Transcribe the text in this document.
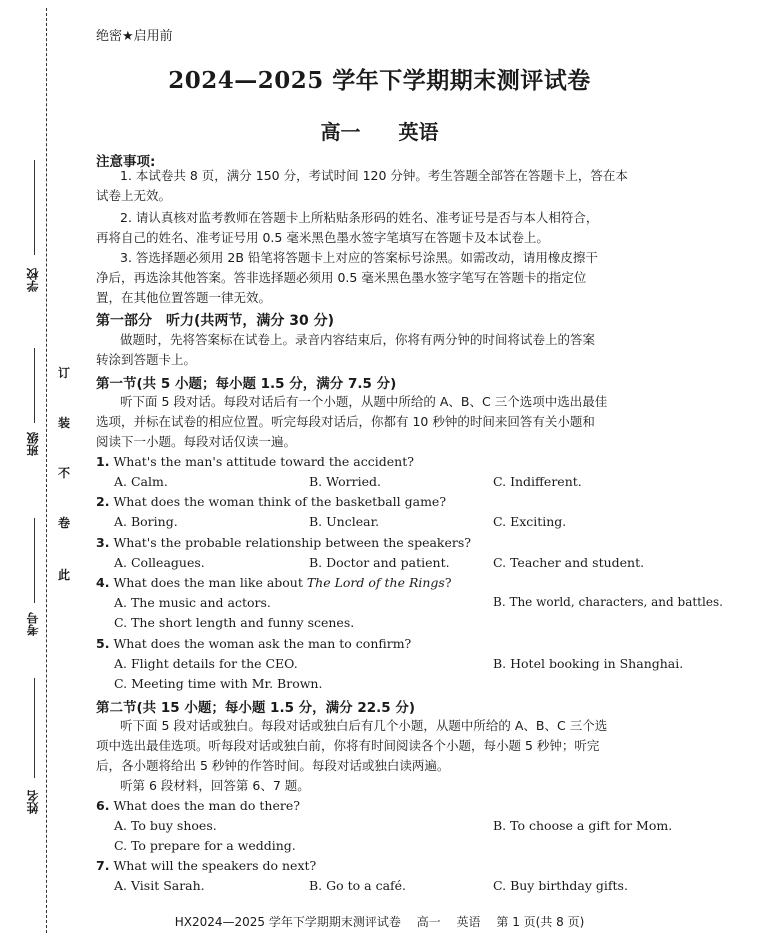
学校
班级
考号
姓名
订
装
不
卷
此
绝密★启用前
2024—2025 学年下学期期末测评试卷
高一 英语
注意事项:
1. 本试卷共 8 页，满分 150 分，考试时间 120 分钟。考生答题全部答在答题卡上，答在本
试卷上无效。
2. 请认真核对监考教师在答题卡上所粘贴条形码的姓名、准考证号是否与本人相符合，
再将自己的姓名、准考证号用 0.5 毫米黑色墨水签字笔填写在答题卡及本试卷上。
3. 答选择题必须用 2B 铅笔将答题卡上对应的答案标号涂黑。如需改动，请用橡皮擦干
净后，再选涂其他答案。答非选择题必须用 0.5 毫米黑色墨水签字笔写在答题卡的指定位
置，在其他位置答题一律无效。
第一部分　听力(共两节，满分 30 分)
做题时，先将答案标在试卷上。录音内容结束后，你将有两分钟的时间将试卷上的答案
转涂到答题卡上。
第一节(共 5 小题；每小题 1.5 分，满分 7.5 分)
听下面 5 段对话。每段对话后有一个小题，从题中所给的 A、B、C 三个选项中选出最佳
选项，并标在试卷的相应位置。听完每段对话后，你都有 10 秒钟的时间来回答有关小题和
阅读下一小题。每段对话仅读一遍。
1. What's the man's attitude toward the accident?
A. Calm.	B. Worried.	C. Indifferent.
2. What does the woman think of the basketball game?
A. Boring.	B. Unclear.	C. Exciting.
3. What's the probable relationship between the speakers?
A. Colleagues.	B. Doctor and patient.	C. Teacher and student.
4. What does the man like about The Lord of the Rings?
A. The music and actors.	B. The world, characters, and battles.
C. The short length and funny scenes.
5. What does the woman ask the man to confirm?
A. Flight details for the CEO.	B. Hotel booking in Shanghai.
C. Meeting time with Mr. Brown.
第二节(共 15 小题；每小题 1.5 分，满分 22.5 分)
听下面 5 段对话或独白。每段对话或独白后有几个小题，从题中所给的 A、B、C 三个选
项中选出最佳选项。听每段对话或独白前，你将有时间阅读各个小题，每小题 5 秒钟；听完
后，各小题将给出 5 秒钟的作答时间。每段对话或独白读两遍。
听第 6 段材料，回答第 6、7 题。
6. What does the man do there?
A. To buy shoes.	B. To choose a gift for Mom.
C. To prepare for a wedding.
7. What will the speakers do next?
A. Visit Sarah.	B. Go to a café.	C. Buy birthday gifts.
HX2024—2025 学年下学期期末测评试卷 高一 英语 第 1 页(共 8 页)
